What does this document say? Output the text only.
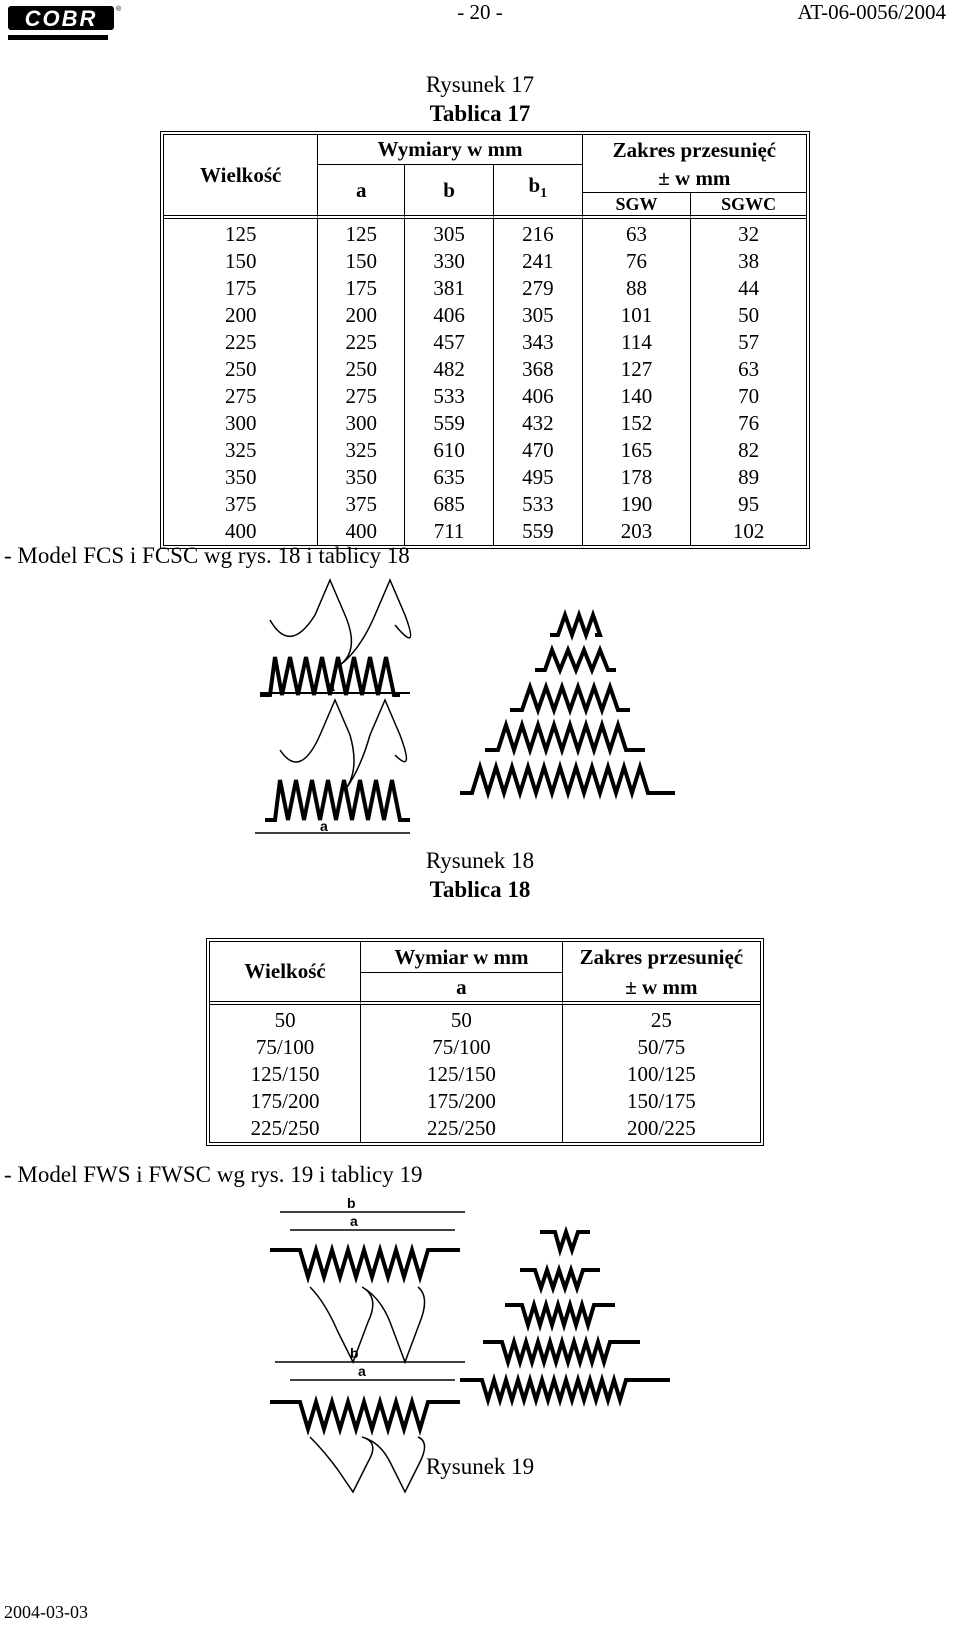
COBR	®	- 20 -	AT-06-0056/2004
Rysunek 17
Tablica 17
Wielkość	Wymiary w mm			Zakres przesunięć	
	a	b	$b_1$	± w mm	
				SGW	SGWC
125	125	305	216	63	32
150	150	330	241	76	38
175	175	381	279	88	44
200	200	406	305	101	50
225	225	457	343	114	57
250	250	482	368	127	63
275	275	533	406	140	70
300	300	559	432	152	76
325	325	610	470	165	82
350	350	635	495	178	89
375	375	685	533	190	95
400	400	711	559	203	102
- Model FCS i FCSC wg rys. 18 i tablicy 18
a
a
Rysunek 18
Tablica 18
Wielkość	Wymiar w mm	Zakres przesunięć
	a	± w mm
50	50	25
75/100	75/100	50/75
125/150	125/150	100/125
175/200	175/200	150/175
225/250	225/250	200/225
- Model FWS i FWSC wg rys. 19 i tablicy 19
b
a
b
a
Rysunek 19
2004-03-03
